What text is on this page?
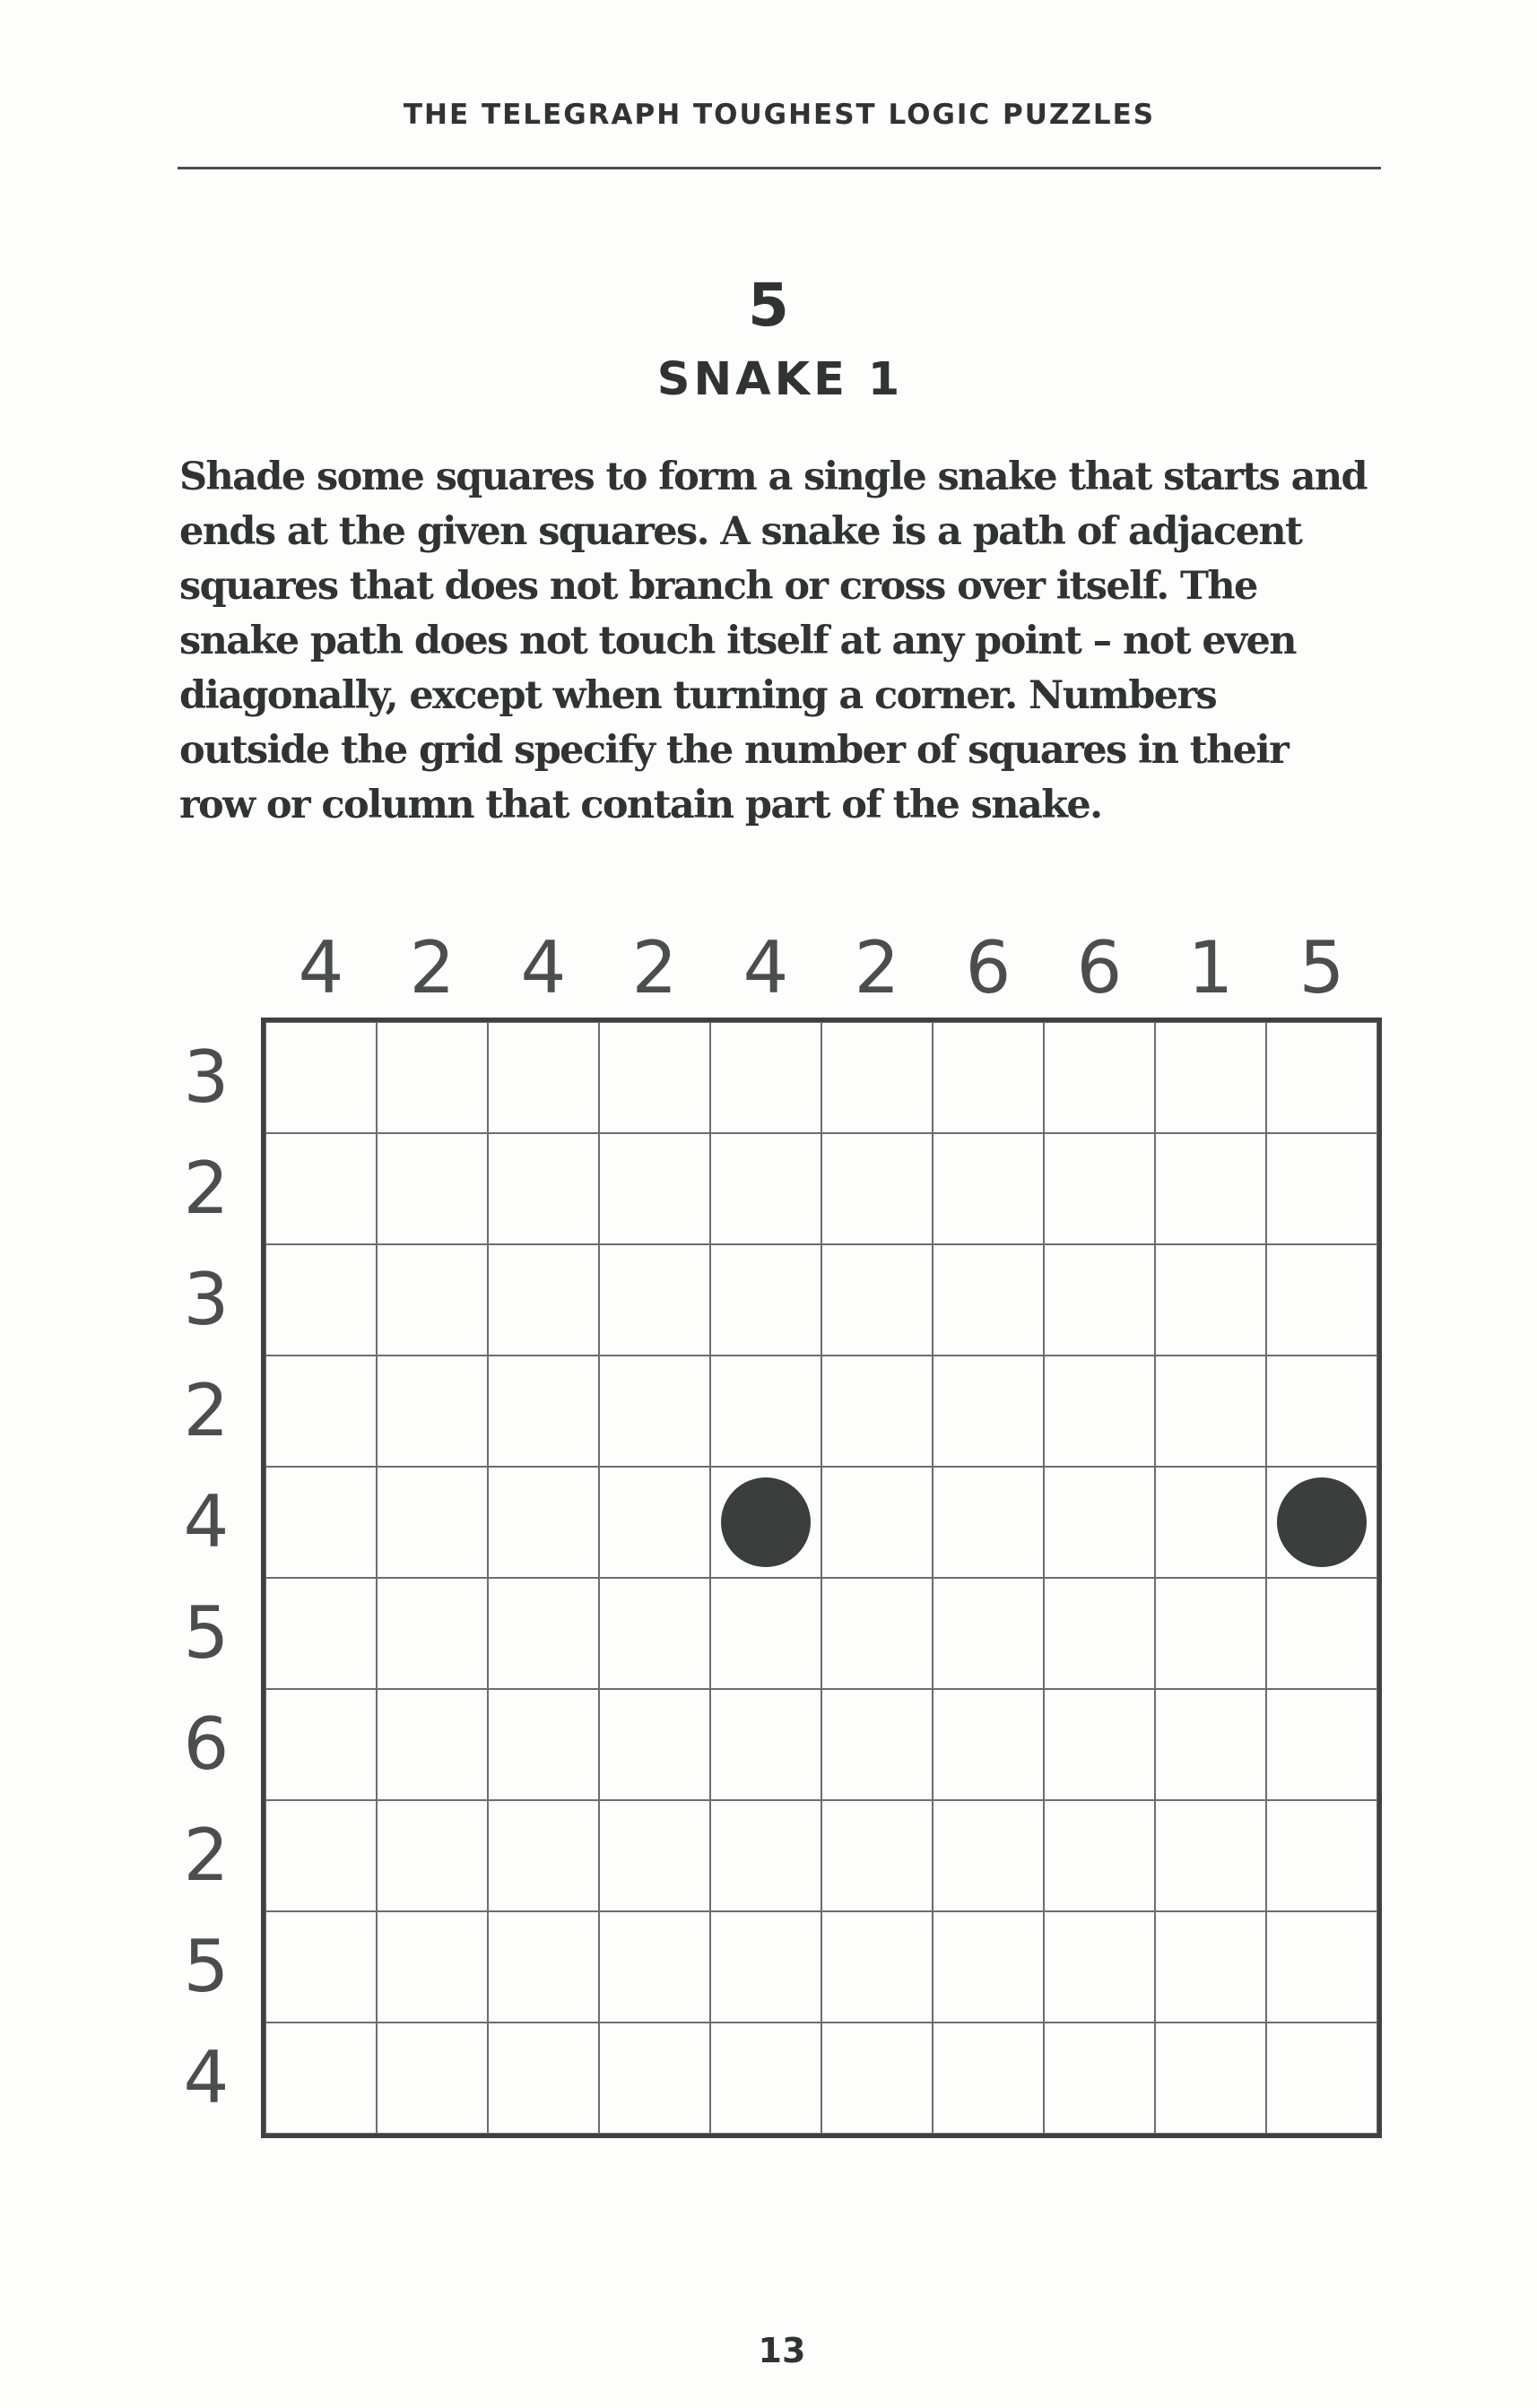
THE TELEGRAPH TOUGHEST LOGIC PUZZLES
5
SNAKE 1

Shade some squares to form a single snake that starts and ends at the given squares. A snake is a path of adjacent squares that does not branch or cross over itself. The snake path does not touch itself at any point – not even diagonally, except when turning a corner. Numbers outside the grid specify the number of squares in their row or column that contain part of the snake.

4 2 4 2 4 2 6 6 1 5
3
2
3
2
4
5
6
2
5
4
13
